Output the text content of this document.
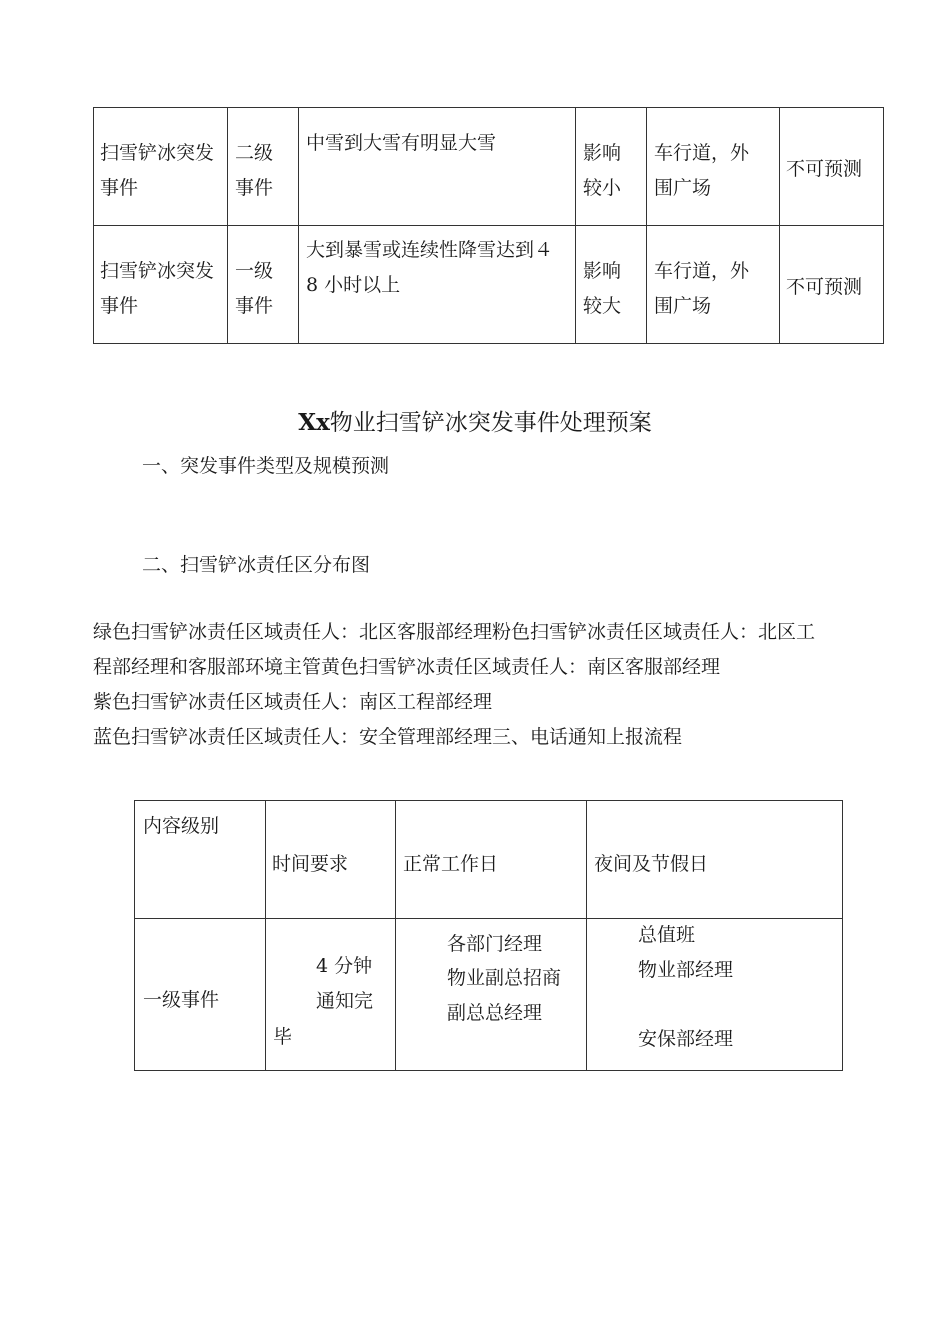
扫雪铲冰突发
事件	二级
事件	中雪到大雪有明显大雪	影响
较小	车行道，外
围广场	不可预测

扫雪铲冰突发
事件	一级
事件	大到暴雪或连续性降雪达到４
8 小时以上	影响
较大	车行道，外
围广场	不可预测
Xx物业扫雪铲冰突发事件处理预案
一、突发事件类型及规模预测
二、扫雪铲冰责任区分布图
绿色扫雪铲冰责任区域责任人：北区客服部经理粉色扫雪铲冰责任区域责任人：北区工
程部经理和客服部环境主管黄色扫雪铲冰责任区域责任人：南区客服部经理
紫色扫雪铲冰责任区域责任人：南区工程部经理
蓝色扫雪铲冰责任区域责任人：安全管理部经理三、电话通知上报流程
内容级别	时间要求	正常工作日	夜间及节假日

一级事件	4 分钟
通知完
毕	各部门经理
物业副总招商
副总总经理	总值班
物业部经理
安保部经理
